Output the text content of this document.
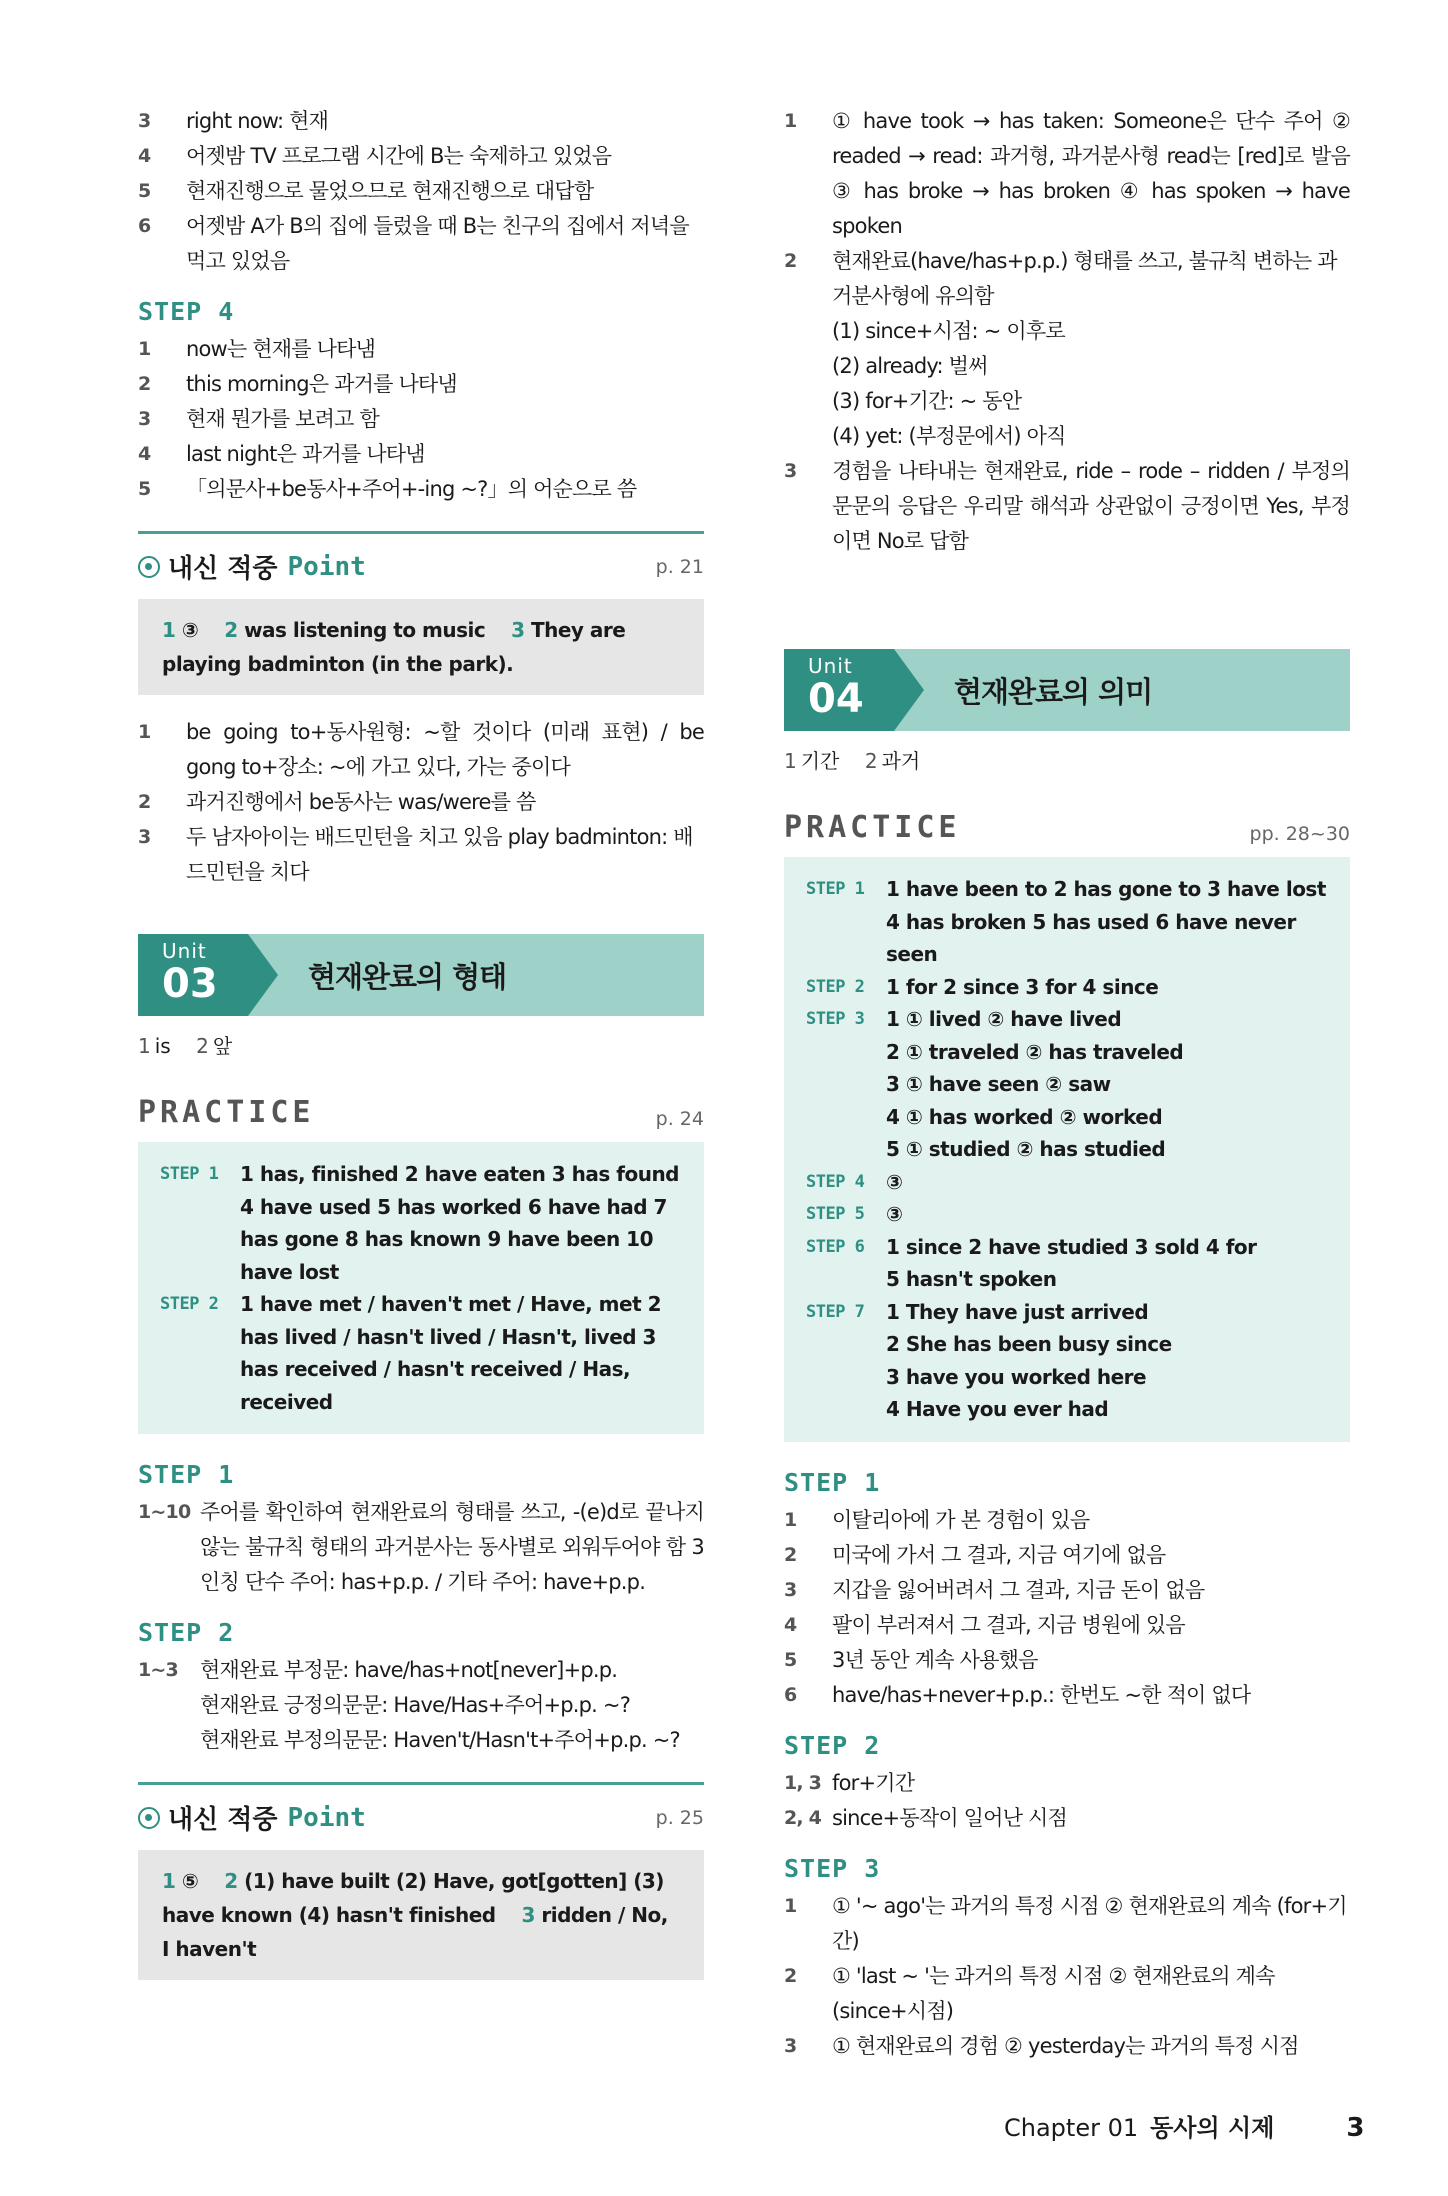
3	right now: 현재
4	어젯밤 TV 프로그램 시간에 B는 숙제하고 있었음
5	현재진행으로 물었으므로 현재진행으로 대답함
6	어젯밤 A가 B의 집에 들렀을 때 B는 친구의 집에서 저녁을 먹고 있었음
STEP 4
1	now는 현재를 나타냄
2	this morning은 과거를 나타냄
3	현재 뭔가를 보려고 함
4	last night은 과거를 나타냄
5	「의문사+be동사+주어+-ing ~?」의 어순으로 씀
내신 적중 Point	p. 21
1 ③ 2 was listening to music 3 They are playing badminton (in the park).
1	be going to+동사원형: ~할 것이다 (미래 표현) / be gong to+장소: ~에 가고 있다, 가는 중이다
2	과거진행에서 be동사는 was/were를 씀
3	두 남자아이는 배드민턴을 치고 있음 play badminton: 배드민턴을 치다
Unit
03	현재완료의 형태
1 is 2 앞
PRACTICE	p. 24
STEP 1	1 has, finished 2 have eaten 3 has found 4 have used 5 has worked 6 have had 7 has gone 8 has known 9 have been 10 have lost
STEP 2	1 have met / haven't met / Have, met 2 has lived / hasn't lived / Hasn't, lived 3 has received / hasn't received / Has, received
STEP 1
1~10 주어를 확인하여 현재완료의 형태를 쓰고, -(e)d로 끝나지 않는 불규칙 형태의 과거분사는 동사별로 외워두어야 함 3인칭 단수 주어: has+p.p. / 기타 주어: have+p.p.
STEP 2
1~3	현재완료 부정문: have/has+not[never]+p.p.
현재완료 긍정의문문: Have/Has+주어+p.p. ~?
현재완료 부정의문문: Haven't/Hasn't+주어+p.p. ~?
내신 적중 Point	p. 25
1 ⑤ 2 (1) have built (2) Have, got[gotten] (3) have known (4) hasn't finished 3 ridden / No, I haven't
1	① have took → has taken: Someone은 단수 주어 ② readed → read: 과거형, 과거분사형 read는 [red]로 발음 ③ has broke → has broken ④ has spoken → have spoken
2	현재완료(have/has+p.p.) 형태를 쓰고, 불규칙 변하는 과거분사형에 유의함
(1) since+시점: ~ 이후로
(2) already: 벌써
(3) for+기간: ~ 동안
(4) yet: (부정문에서) 아직
3	경험을 나타내는 현재완료, ride – rode – ridden / 부정의 문문의 응답은 우리말 해석과 상관없이 긍정이면 Yes, 부정이면 No로 답함
Unit
04	현재완료의 의미
1 기간 2 과거
PRACTICE	pp. 28~30
STEP 1	1 have been to 2 has gone to 3 have lost 4 has broken 5 has used 6 have never seen
STEP 2	1 for 2 since 3 for 4 since
STEP 3	1 ① lived ② have lived
2 ① traveled ② has traveled
3 ① have seen ② saw
4 ① has worked ② worked
5 ① studied ② has studied
STEP 4	③
STEP 5	③
STEP 6	1 since 2 have studied 3 sold 4 for
5 hasn't spoken
STEP 7	1 They have just arrived
2 She has been busy since
3 have you worked here
4 Have you ever had
STEP 1
1	이탈리아에 가 본 경험이 있음
2	미국에 가서 그 결과, 지금 여기에 없음
3	지갑을 잃어버려서 그 결과, 지금 돈이 없음
4	팔이 부러져서 그 결과, 지금 병원에 있음
5	3년 동안 계속 사용했음
6	have/has+never+p.p.: 한번도 ~한 적이 없다
STEP 2
1, 3 for+기간
2, 4 since+동작이 일어난 시점
STEP 3
1	① '~ ago'는 과거의 특정 시점 ② 현재완료의 계속 (for+기간)
2	① 'last ~ '는 과거의 특정 시점 ② 현재완료의 계속 (since+시점)
3	① 현재완료의 경험 ② yesterday는 과거의 특정 시점
Chapter 01 동사의 시제	3
